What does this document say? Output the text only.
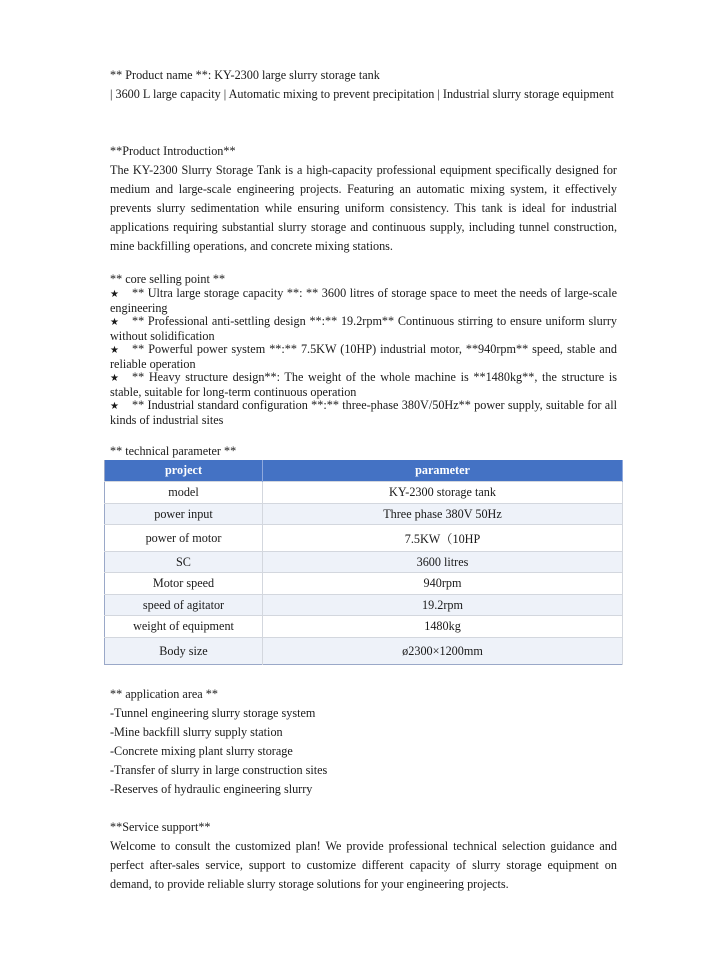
** Product name **: KY-2300 large slurry storage tank

| 3600 L large capacity | Automatic mixing to prevent precipitation | Industrial slurry storage equipment

**Product Introduction**

The KY-2300 Slurry Storage Tank is a high-capacity professional equipment specifically designed for medium and large-scale engineering projects. Featuring an automatic mixing system, it effectively prevents slurry sedimentation while ensuring uniform consistency. This tank is ideal for industrial applications requiring substantial slurry storage and continuous supply, including tunnel construction, mine backfilling operations, and concrete mixing stations.

** core selling point **

★ ** Ultra large storage capacity **: ** 3600 litres of storage space to meet the needs of large-scale engineering

★ ** Professional anti-settling design **:** 19.2rpm** Continuous stirring to ensure uniform slurry without solidification

★ ** Powerful power system **:** 7.5KW (10HP) industrial motor, **940rpm** speed, stable and reliable operation

★ ** Heavy structure design**: The weight of the whole machine is **1480kg**, the structure is stable, suitable for long-term continuous operation

★ ** Industrial standard configuration **:** three-phase 380V/50Hz** power supply, suitable for all kinds of industrial sites

** technical parameter **

project	parameter
model	KY-2300 storage tank
power input	Three phase 380V 50Hz
power of motor	7.5KW（10HP
SC	3600 litres
Motor speed	940rpm
speed of agitator	19.2rpm
weight of equipment	1480kg
Body size	ø2300×1200mm

** application area **

-Tunnel engineering slurry storage system

-Mine backfill slurry supply station

-Concrete mixing plant slurry storage

-Transfer of slurry in large construction sites

-Reserves of hydraulic engineering slurry

**Service support**

Welcome to consult the customized plan! We provide professional technical selection guidance and perfect after-sales service, support to customize different capacity of slurry storage equipment on demand, to provide reliable slurry storage solutions for your engineering projects.
